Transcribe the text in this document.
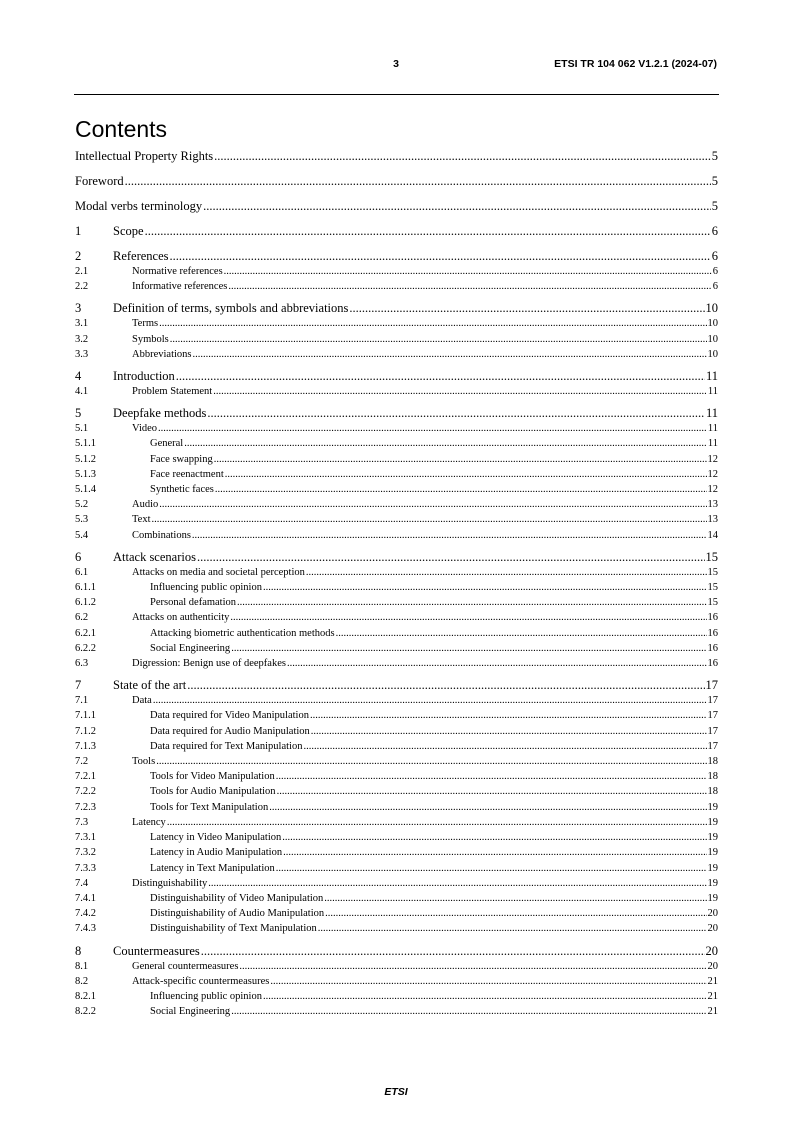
3	ETSI TR 104 062 V1.2.1 (2024-07)
Contents
Intellectual Property Rights .....	5
Foreword .....	5
Modal verbs terminology .....	5
1	Scope .....	6
2	References .....	6
2.1	Normative references .....	6
2.2	Informative references .....	6
3	Definition of terms, symbols and abbreviations .....	10
3.1	Terms .....	10
3.2	Symbols .....	10
3.3	Abbreviations .....	10
4	Introduction .....	11
4.1	Problem Statement .....	11
5	Deepfake methods .....	11
5.1	Video .....	11
5.1.1	General .....	11
5.1.2	Face swapping .....	12
5.1.3	Face reenactment .....	12
5.1.4	Synthetic faces .....	12
5.2	Audio .....	13
5.3	Text .....	13
5.4	Combinations .....	14
6	Attack scenarios .....	15
6.1	Attacks on media and societal perception .....	15
6.1.1	Influencing public opinion .....	15
6.1.2	Personal defamation .....	15
6.2	Attacks on authenticity .....	16
6.2.1	Attacking biometric authentication methods .....	16
6.2.2	Social Engineering .....	16
6.3	Digression: Benign use of deepfakes .....	16
7	State of the art .....	17
7.1	Data .....	17
7.1.1	Data required for Video Manipulation .....	17
7.1.2	Data required for Audio Manipulation .....	17
7.1.3	Data required for Text Manipulation .....	17
7.2	Tools .....	18
7.2.1	Tools for Video Manipulation .....	18
7.2.2	Tools for Audio Manipulation .....	18
7.2.3	Tools for Text Manipulation .....	19
7.3	Latency .....	19
7.3.1	Latency in Video Manipulation .....	19
7.3.2	Latency in Audio Manipulation .....	19
7.3.3	Latency in Text Manipulation .....	19
7.4	Distinguishability .....	19
7.4.1	Distinguishability of Video Manipulation .....	19
7.4.2	Distinguishability of Audio Manipulation .....	20
7.4.3	Distinguishability of Text Manipulation .....	20
8	Countermeasures .....	20
8.1	General countermeasures .....	20
8.2	Attack-specific countermeasures .....	21
8.2.1	Influencing public opinion .....	21
8.2.2	Social Engineering .....	21
ETSI
